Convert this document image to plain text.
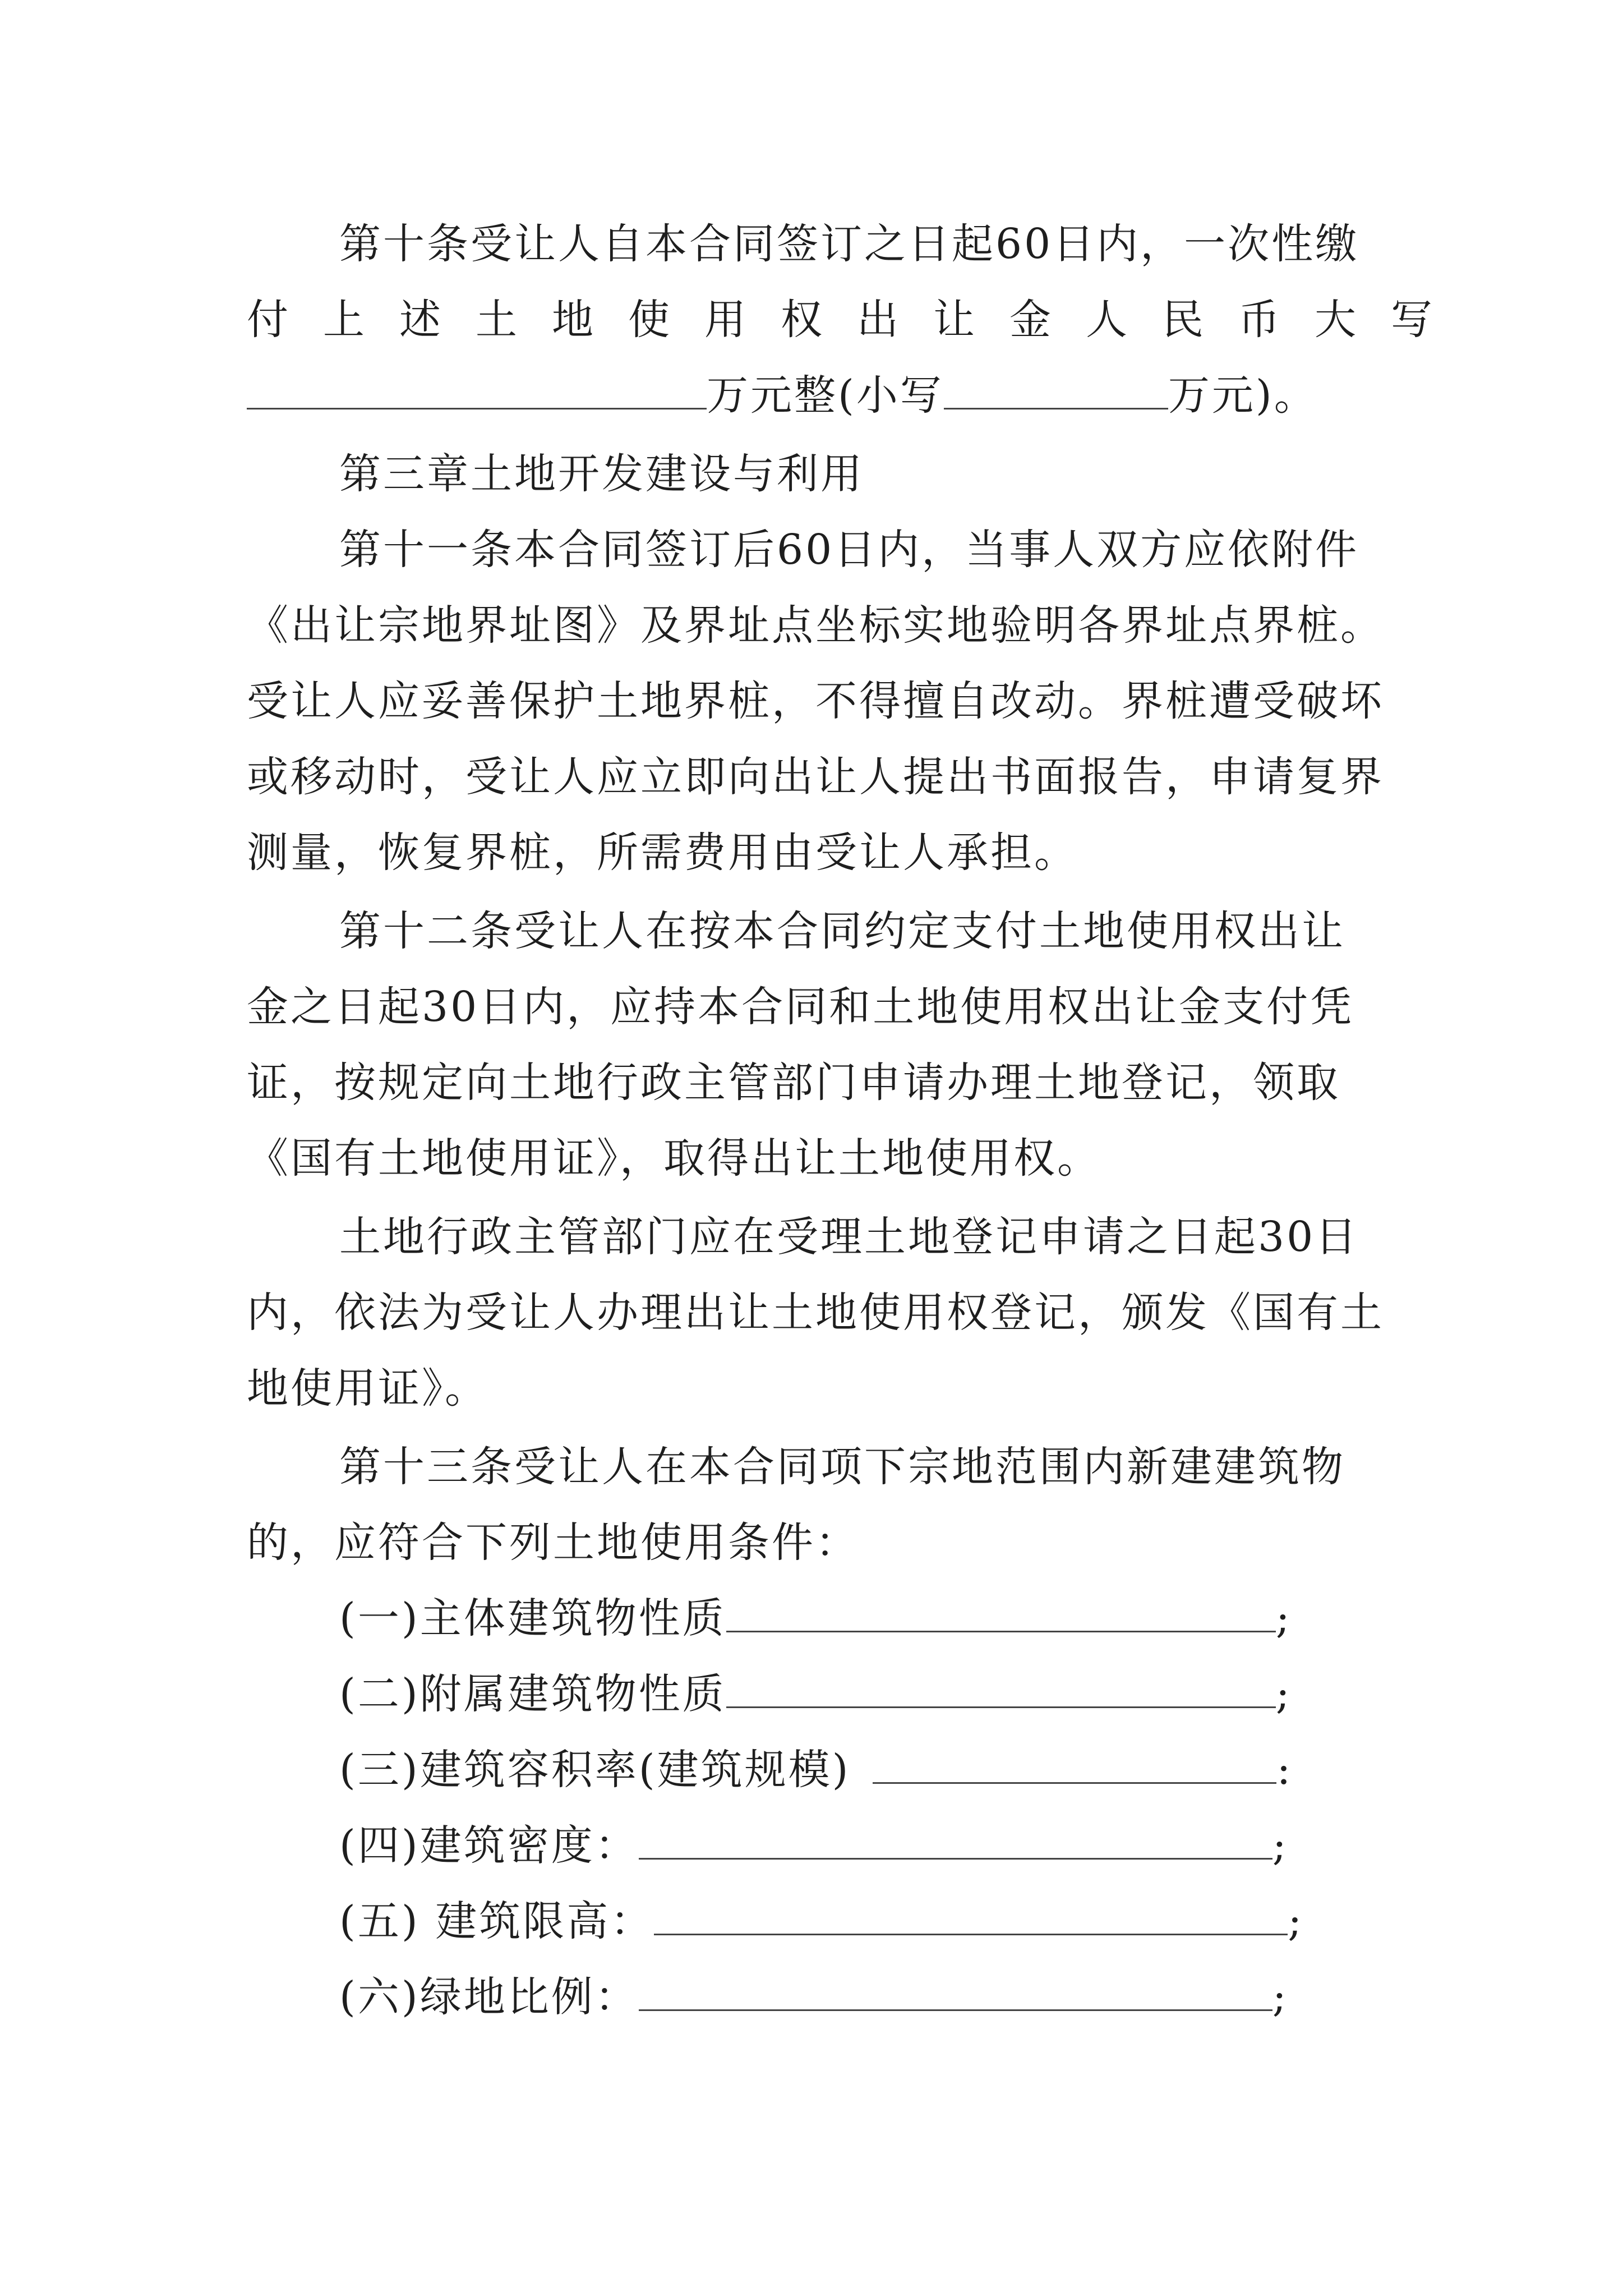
第十条受让人自本合同签订之日起60日内，一次性缴
付上述土地使用权出让金人民币大写
万元整(小写	万元)。
第三章土地开发建设与利用
第十一条本合同签订后60日内，当事人双方应依附件
《出让宗地界址图》及界址点坐标实地验明各界址点界桩。
受让人应妥善保护土地界桩，不得擅自改动。界桩遭受破坏
或移动时，受让人应立即向出让人提出书面报告，申请复界
测量，恢复界桩，所需费用由受让人承担。
第十二条受让人在按本合同约定支付土地使用权出让
金之日起30日内，应持本合同和土地使用权出让金支付凭
证，按规定向土地行政主管部门申请办理土地登记，领取
《国有土地使用证》，取得出让土地使用权。
土地行政主管部门应在受理土地登记申请之日起30日
内，依法为受让人办理出让土地使用权登记，颁发《国有土
地使用证》。
第十三条受让人在本合同项下宗地范围内新建建筑物
的，应符合下列土地使用条件：
(一)主体建筑物性质	;
(二)附属建筑物性质	;
(三)建筑容积率(建筑规模)	:
(四)建筑密度：	;
(五) 建筑限高：	;
(六)绿地比例：	;
